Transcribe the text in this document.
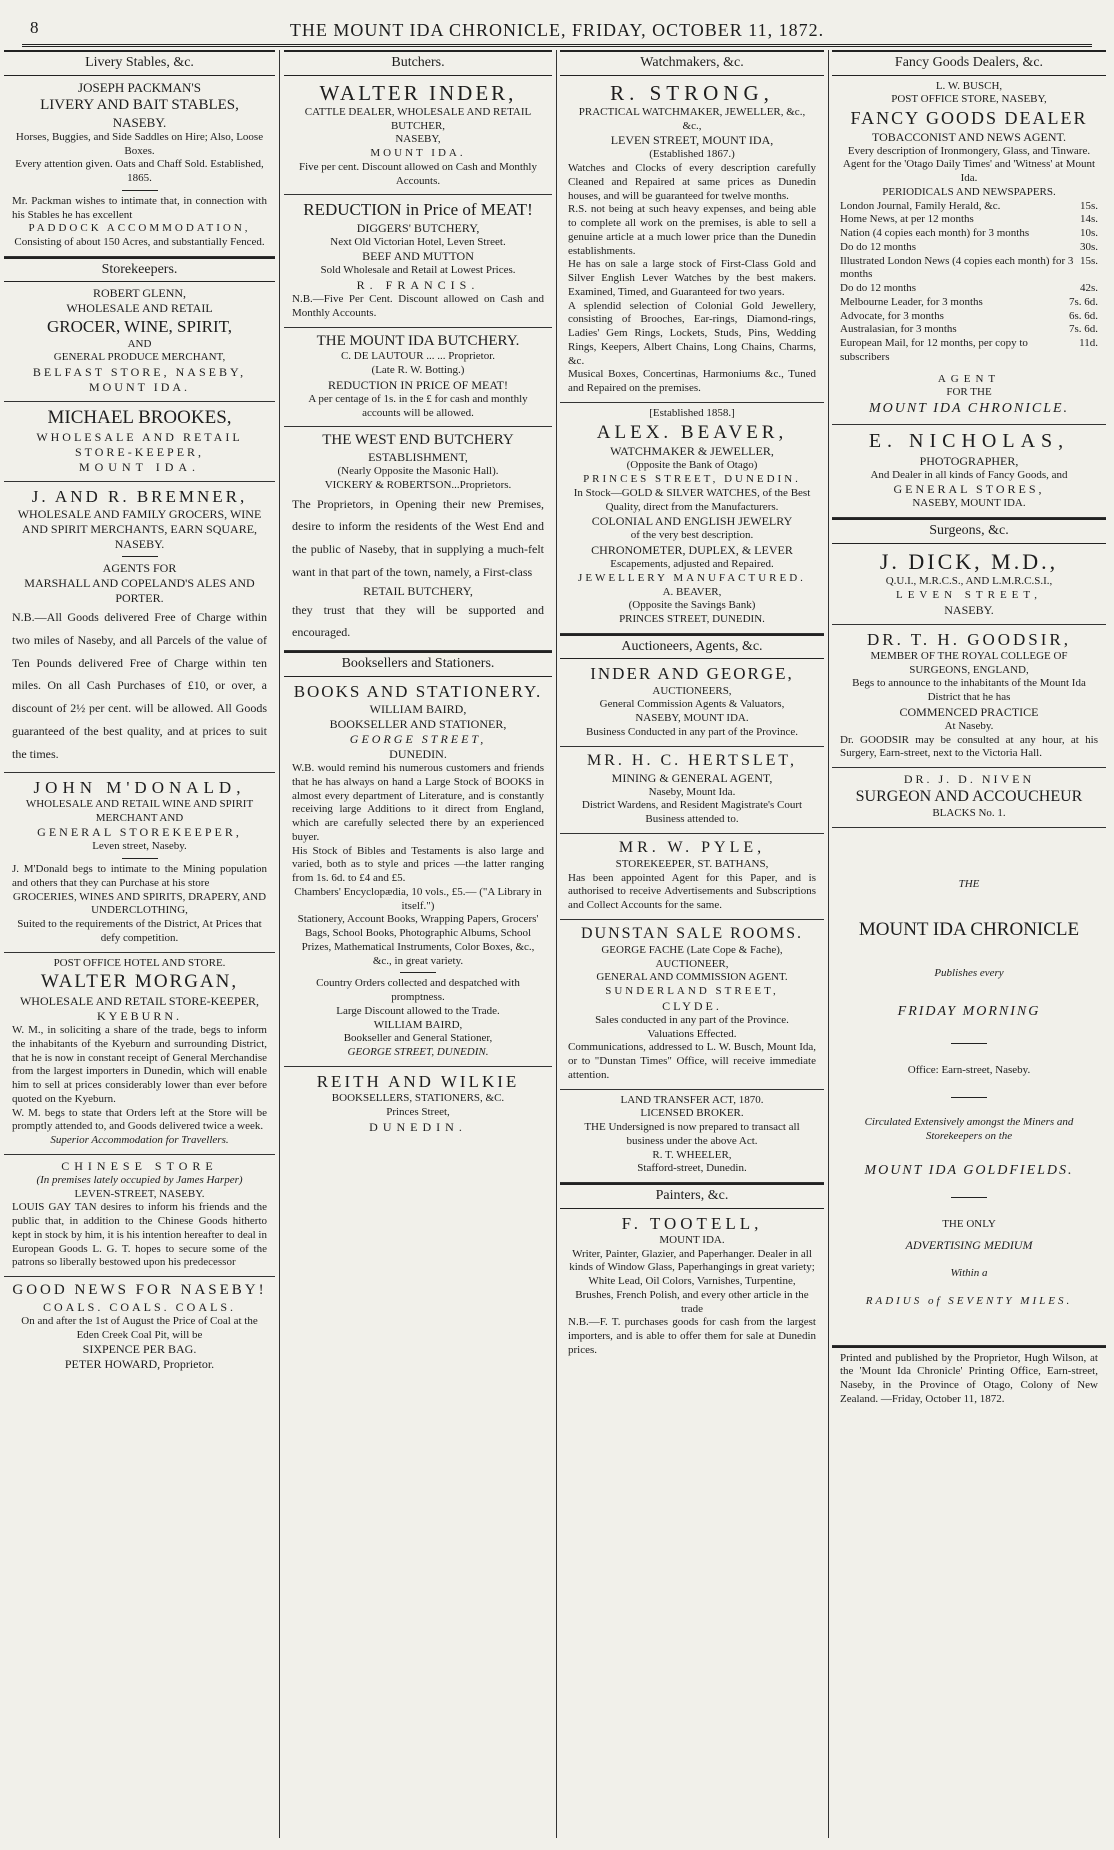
8	THE MOUNT IDA CHRONICLE, FRIDAY, OCTOBER 11, 1872.
Livery Stables, &c.
JOSEPH PACKMAN'S
LIVERY AND BAIT STABLES,
NASEBY.
Horses, Buggies, and Side Saddles on Hire; Also, Loose Boxes.
Every attention given. Oats and Chaff Sold. Established, 1865.
Mr. Packman wishes to intimate that, in connection with his Stables he has excellent
PADDOCK ACCOMMODATION,
Consisting of about 150 Acres, and substantially Fenced.
Storekeepers.
ROBERT GLENN,
WHOLESALE AND RETAIL
GROCER, WINE, SPIRIT,
AND
GENERAL PRODUCE MERCHANT,
BELFAST STORE, NASEBY, MOUNT IDA.
MICHAEL BROOKES,
WHOLESALE AND RETAIL STORE-KEEPER,
MOUNT IDA.
J. AND R. BREMNER,
WHOLESALE AND FAMILY GROCERS, WINE AND SPIRIT MERCHANTS, EARN SQUARE, NASEBY.
AGENTS FOR
MARSHALL AND COPELAND'S ALES AND PORTER.
N.B.—All Goods delivered Free of Charge within two miles of Naseby, and all Parcels of the value of Ten Pounds delivered Free of Charge within ten miles. On all Cash Purchases of £10, or over, a discount of 2½ per cent. will be allowed. All Goods guaranteed of the best quality, and at prices to suit the times.
JOHN M'DONALD,
WHOLESALE AND RETAIL WINE AND SPIRIT MERCHANT AND
GENERAL STOREKEEPER,
Leven street, Naseby.
J. M'Donald begs to intimate to the Mining population and others that they can Purchase at his store
GROCERIES, WINES AND SPIRITS, DRAPERY, AND UNDERCLOTHING,
Suited to the requirements of the District, At Prices that defy competition.
POST OFFICE HOTEL AND STORE.
WALTER MORGAN,
WHOLESALE AND RETAIL STORE-KEEPER,
KYEBURN.
W. M., in soliciting a share of the trade, begs to inform the inhabitants of the Kyeburn and surrounding District, that he is now in constant receipt of General Merchandise from the largest importers in Dunedin, which will enable him to sell at prices considerably lower than ever before quoted on the Kyeburn.
W. M. begs to state that Orders left at the Store will be promptly attended to, and Goods delivered twice a week.
Superior Accommodation for Travellers.
CHINESE STORE
(In premises lately occupied by James Harper)
LEVEN-STREET, NASEBY.
LOUIS GAY TAN desires to inform his friends and the public that, in addition to the Chinese Goods hitherto kept in stock by him, it is his intention hereafter to deal in European Goods L. G. T. hopes to secure some of the patrons so liberally bestowed upon his predecessor
GOOD NEWS FOR NASEBY!
COALS. COALS. COALS.
On and after the 1st of August the Price of Coal at the Eden Creek Coal Pit, will be
SIXPENCE PER BAG.
PETER HOWARD, Proprietor.
Butchers.
WALTER INDER,
CATTLE DEALER, WHOLESALE AND RETAIL BUTCHER,
NASEBY,
MOUNT IDA.
Five per cent. Discount allowed on Cash and Monthly Accounts.
REDUCTION in Price of MEAT!
DIGGERS' BUTCHERY,
Next Old Victorian Hotel, Leven Street.
BEEF AND MUTTON
Sold Wholesale and Retail at Lowest Prices.
R. FRANCIS.
N.B.—Five Per Cent. Discount allowed on Cash and Monthly Accounts.
THE MOUNT IDA BUTCHERY.
C. DE LAUTOUR ... ... Proprietor.
(Late R. W. Botting.)
REDUCTION IN PRICE OF MEAT!
A per centage of 1s. in the £ for cash and monthly accounts will be allowed.
THE WEST END BUTCHERY
ESTABLISHMENT,
(Nearly Opposite the Masonic Hall).
VICKERY & ROBERTSON...Proprietors.
The Proprietors, in Opening their new Premises, desire to inform the residents of the West End and the public of Naseby, that in supplying a much-felt want in that part of the town, namely, a First-class
RETAIL BUTCHERY,
they trust that they will be supported and encouraged.
Booksellers and Stationers.
BOOKS AND STATIONERY.
WILLIAM BAIRD,
BOOKSELLER AND STATIONER,
GEORGE STREET,
DUNEDIN.
W.B. would remind his numerous customers and friends that he has always on hand a Large Stock of BOOKS in almost every department of Literature, and is constantly receiving large Additions to it direct from England, which are carefully selected there by an experienced buyer.
His Stock of Bibles and Testaments is also large and varied, both as to style and prices —the latter ranging from 1s. 6d. to £4 and £5.
Chambers' Encyclopædia, 10 vols., £5.— ("A Library in itself.")
Stationery, Account Books, Wrapping Papers, Grocers' Bags, School Books, Photographic Albums, School Prizes, Mathematical Instruments, Color Boxes, &c., &c., in great variety.
Country Orders collected and despatched with promptness.
Large Discount allowed to the Trade.
WILLIAM BAIRD,
Bookseller and General Stationer,
GEORGE STREET, DUNEDIN.
REITH AND WILKIE
BOOKSELLERS, STATIONERS, &C.
Princes Street,
DUNEDIN.
Watchmakers, &c.
R. STRONG,
PRACTICAL WATCHMAKER, JEWELLER, &c., &c.,
LEVEN STREET, MOUNT IDA,
(Established 1867.)
Watches and Clocks of every description carefully Cleaned and Repaired at same prices as Dunedin houses, and will be guaranteed for twelve months.
R.S. not being at such heavy expenses, and being able to complete all work on the premises, is able to sell a genuine article at a much lower price than the Dunedin establishments.
He has on sale a large stock of First-Class Gold and Silver English Lever Watches by the best makers. Examined, Timed, and Guaranteed for two years.
A splendid selection of Colonial Gold Jewellery, consisting of Brooches, Ear-rings, Diamond-rings, Ladies' Gem Rings, Lockets, Studs, Pins, Wedding Rings, Keepers, Albert Chains, Long Chains, Charms, &c.
Musical Boxes, Concertinas, Harmoniums &c., Tuned and Repaired on the premises.
[Established 1858.]
ALEX. BEAVER,
WATCHMAKER & JEWELLER,
(Opposite the Bank of Otago)
PRINCES STREET, DUNEDIN.
In Stock—GOLD & SILVER WATCHES, of the Best Quality, direct from the Manufacturers.
COLONIAL AND ENGLISH JEWELRY
of the very best description.
CHRONOMETER, DUPLEX, & LEVER
Escapements, adjusted and Repaired.
JEWELLERY MANUFACTURED.
A. BEAVER,
(Opposite the Savings Bank)
PRINCES STREET, DUNEDIN.
Auctioneers, Agents, &c.
INDER AND GEORGE,
AUCTIONEERS,
General Commission Agents & Valuators,
NASEBY, MOUNT IDA.
Business Conducted in any part of the Province.
MR. H. C. HERTSLET,
MINING & GENERAL AGENT,
Naseby, Mount Ida.
District Wardens, and Resident Magistrate's Court Business attended to.
MR. W. PYLE,
STOREKEEPER, ST. BATHANS,
Has been appointed Agent for this Paper, and is authorised to receive Advertisements and Subscriptions and Collect Accounts for the same.
DUNSTAN SALE ROOMS.
GEORGE FACHE (Late Cope & Fache), AUCTIONEER,
GENERAL AND COMMISSION AGENT.
SUNDERLAND STREET,
CLYDE.
Sales conducted in any part of the Province.
Valuations Effected.
Communications, addressed to L. W. Busch, Mount Ida, or to "Dunstan Times" Office, will receive immediate attention.
LAND TRANSFER ACT, 1870.
LICENSED BROKER.
THE Undersigned is now prepared to transact all business under the above Act.
R. T. WHEELER,
Stafford-street, Dunedin.
Painters, &c.
F. TOOTELL,
MOUNT IDA.
Writer, Painter, Glazier, and Paperhanger. Dealer in all kinds of Window Glass, Paperhangings in great variety; White Lead, Oil Colors, Varnishes, Turpentine, Brushes, French Polish, and every other article in the trade
N.B.—F. T. purchases goods for cash from the largest importers, and is able to offer them for sale at Dunedin prices.
Fancy Goods Dealers, &c.
L. W. BUSCH,
POST OFFICE STORE, NASEBY,
FANCY GOODS DEALER
TOBACCONIST AND NEWS AGENT.
Every description of Ironmongery, Glass, and Tinware.
Agent for the 'Otago Daily Times' and 'Witness' at Mount Ida.
PERIODICALS AND NEWSPAPERS.
London Journal, Family Herald, &c.	15s.
Home News, at per 12 months	14s.
Nation (4 copies each month) for 3 months	10s.
Do do 12 months	30s.
Illustrated London News (4 copies each month) for 3 months
15s.
Do do 12 months	42s.
Melbourne Leader, for 3 months	7s. 6d.
Advocate, for 3 months	6s. 6d.
Australasian, for 3 months	7s. 6d.
European Mail, for 12 months, per copy to subscribers
11d.
AGENT
FOR THE
MOUNT IDA CHRONICLE.
E. NICHOLAS,
PHOTOGRAPHER,
And Dealer in all kinds of Fancy Goods, and
GENERAL STORES,
NASEBY, MOUNT IDA.
Surgeons, &c.
J. DICK, M.D.,
Q.U.I., M.R.C.S., AND L.M.R.C.S.I.,
LEVEN STREET,
NASEBY.
DR. T. H. GOODSIR,
MEMBER OF THE ROYAL COLLEGE OF SURGEONS, ENGLAND,
Begs to announce to the inhabitants of the Mount Ida District that he has
COMMENCED PRACTICE
At Naseby.
Dr. GOODSIR may be consulted at any hour, at his Surgery, Earn-street, next to the Victoria Hall.
DR. J. D. NIVEN
SURGEON AND ACCOUCHEUR
BLACKS No. 1.
THE
MOUNT IDA CHRONICLE
Publishes every
FRIDAY MORNING
Office: Earn-street, Naseby.
Circulated Extensively amongst the Miners and Storekeepers on the
MOUNT IDA GOLDFIELDS.
THE ONLY
ADVERTISING MEDIUM
Within a
RADIUS of SEVENTY MILES.
Printed and published by the Proprietor, Hugh Wilson, at the 'Mount Ida Chronicle' Printing Office, Earn-street, Naseby, in the Province of Otago, Colony of New Zealand. —Friday, October 11, 1872.
